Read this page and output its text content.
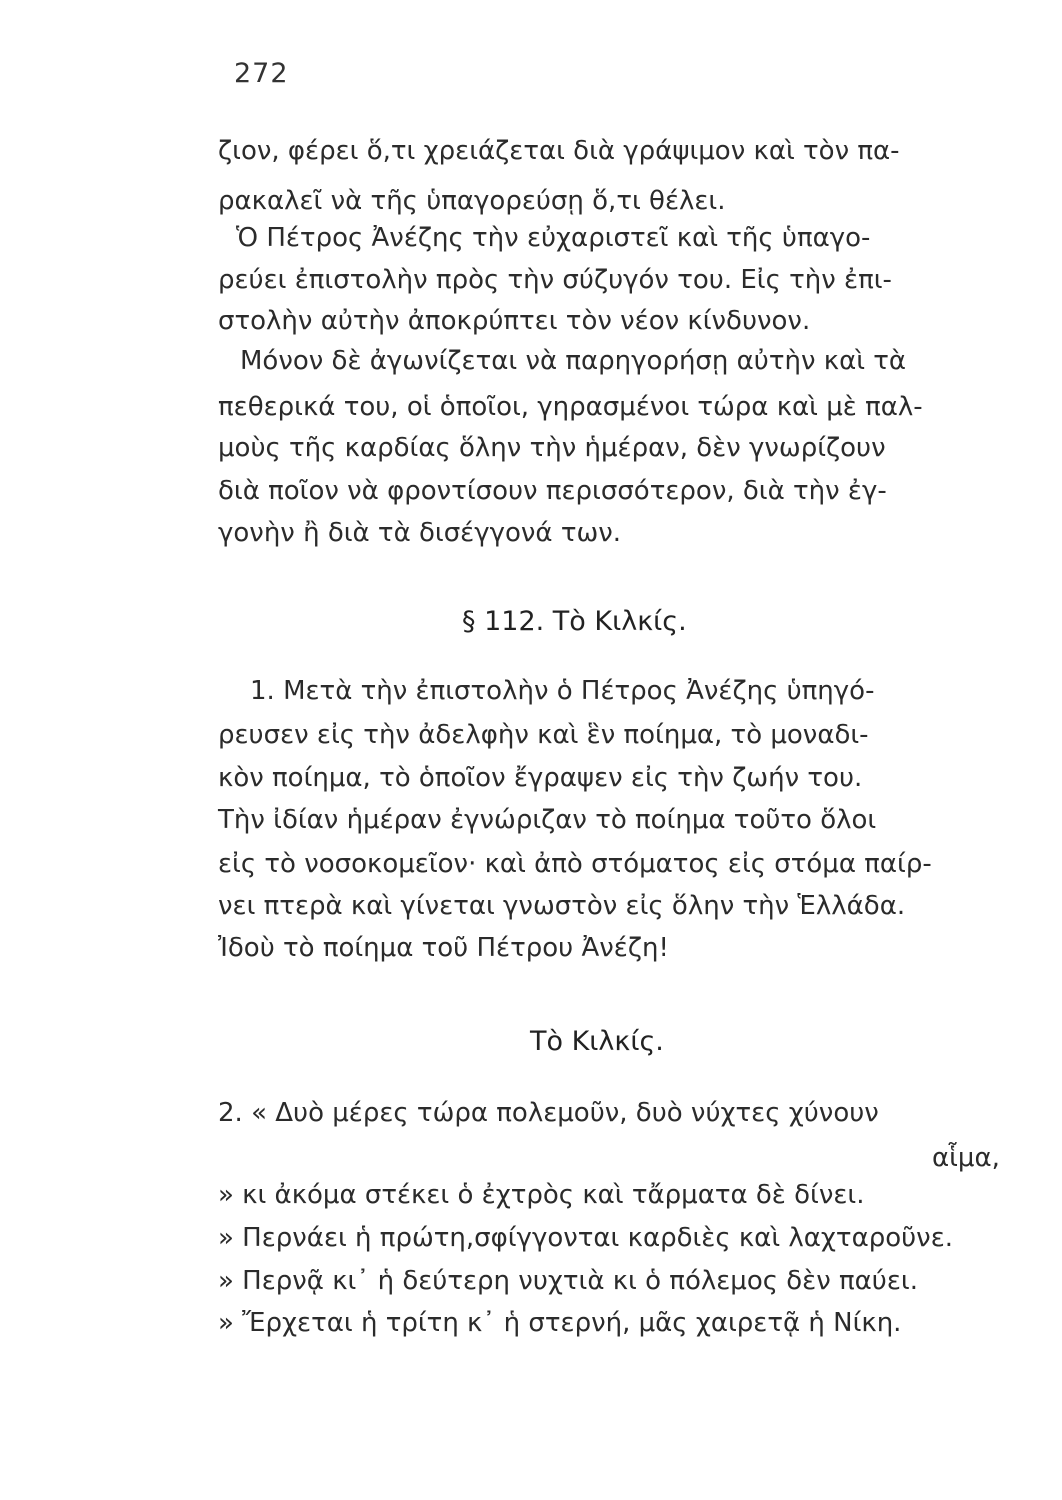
272
ζιον, φέρει ὅ,τι χρειάζεται διὰ γράψιμον καὶ τὸν πα-
ρακαλεῖ νὰ τῆς ὑπαγορεύσῃ ὅ,τι θέλει.
Ὁ Πέτρος Ἀνέζης τὴν εὐχαριστεῖ καὶ τῆς ὑπαγο-
ρεύει ἐπιστολὴν πρὸς τὴν σύζυγόν του. Εἰς τὴν ἐπι-
στολὴν αὐτὴν ἀποκρύπτει τὸν νέον κίνδυνον.
Μόνον δὲ ἀγωνίζεται νὰ παρηγορήσῃ αὐτὴν καὶ τὰ
πεθερικά του, οἱ ὁποῖοι, γηρασμένοι τώρα καὶ μὲ παλ-
μοὺς τῆς καρδίας ὅλην τὴν ἡμέραν, δὲν γνωρίζουν
διὰ ποῖον νὰ φροντίσουν περισσότερον, διὰ τὴν ἐγ-
γονὴν ἢ διὰ τὰ δισέγγονά των.
§ 112. Τὸ Κιλκίς.
1. Μετὰ τὴν ἐπιστολὴν ὁ Πέτρος Ἀνέζης ὑπηγό-
ρευσεν εἰς τὴν ἀδελφὴν καὶ ἓν ποίημα, τὸ μοναδι-
κὸν ποίημα, τὸ ὁποῖον ἔγραψεν εἰς τὴν ζωήν του.
Τὴν ἰδίαν ἡμέραν ἐγνώριζαν τὸ ποίημα τοῦτο ὅλοι
εἰς τὸ νοσοκομεῖον· καὶ ἀπὸ στόματος εἰς στόμα παίρ-
νει πτερὰ καὶ γίνεται γνωστὸν εἰς ὅλην τὴν Ἑλλάδα.
Ἰδοὺ τὸ ποίημα τοῦ Πέτρου Ἀνέζη!
Τὸ Κιλκίς.
2. « Δυὸ μέρες τώρα πολεμοῦν, δυὸ νύχτες χύνουν
αἷμα,
» κι ἀκόμα στέκει ὁ ἐχτρὸς καὶ τἄρματα δὲ δίνει.
» Περνάει ἡ πρώτη,σφίγγονται καρδιὲς καὶ λαχταροῦνε.
» Περνᾷ κι᾽ ἡ δεύτερη νυχτιὰ κι ὁ πόλεμος δὲν παύει.
» Ἔρχεται ἡ τρίτη κ᾽ ἡ στερνή, μᾶς χαιρετᾷ ἡ Νίκη.
